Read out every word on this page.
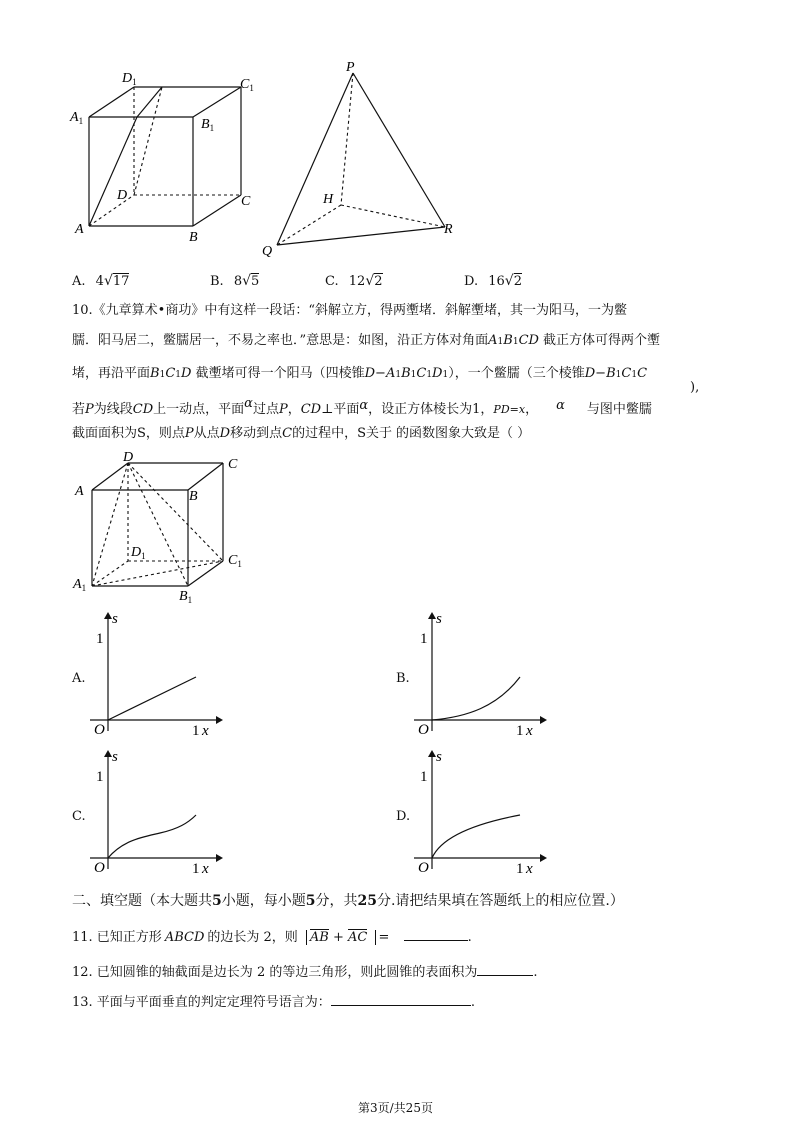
$A_1$
$D_1$	$C_1$
$B_1$
D	C
A
B
P
H
R
Q
A. 4√17	B. 8√5	C. 12√2	D. 16√2
10.《九章算术•商功》中有这样一段话：“斜解立方，得两壍堵．斜解壍堵，其一为阳马，一为鳖
臑．阳马居二，鳖臑居一，不易之率也．”意思是：如图，沿正方体对角面A1B1CD 截正方体可得两个壍
堵，再沿平面B1C1D 截壍堵可得一个阳马（四棱锥D−A1B1C1D1），一个鳖臑（三个棱锥D−B1C1C
),
若P为线段CD上一动点，平面α过点P，CD⊥平面α，设正方体棱长为1，PD=x， α 与图中鳖臑
截面面积为S，则点P从点D移动到点C的过程中，S关于 的函数图象大致是（ ）
D	C
A	B
$D_1$	$C_1$
$A_1$
$B_1$
A.
O	1 x
1
s
B.
O	1 x
1
s
C.
O	1 x
1
s
D.
O	1 x
1
s
二、填空题（本大题共5小题，每小题5分，共25分.请把结果填在答题纸上的相应位置.）
11. 已知正方形 ABCD 的边长为 2，则 AB + AC =	.
12. 已知圆锥的轴截面是边长为 2 的等边三角形，则此圆锥的表面积为	.
13. 平面与平面垂直的判定定理符号语言为：	.
第3页/共25页
